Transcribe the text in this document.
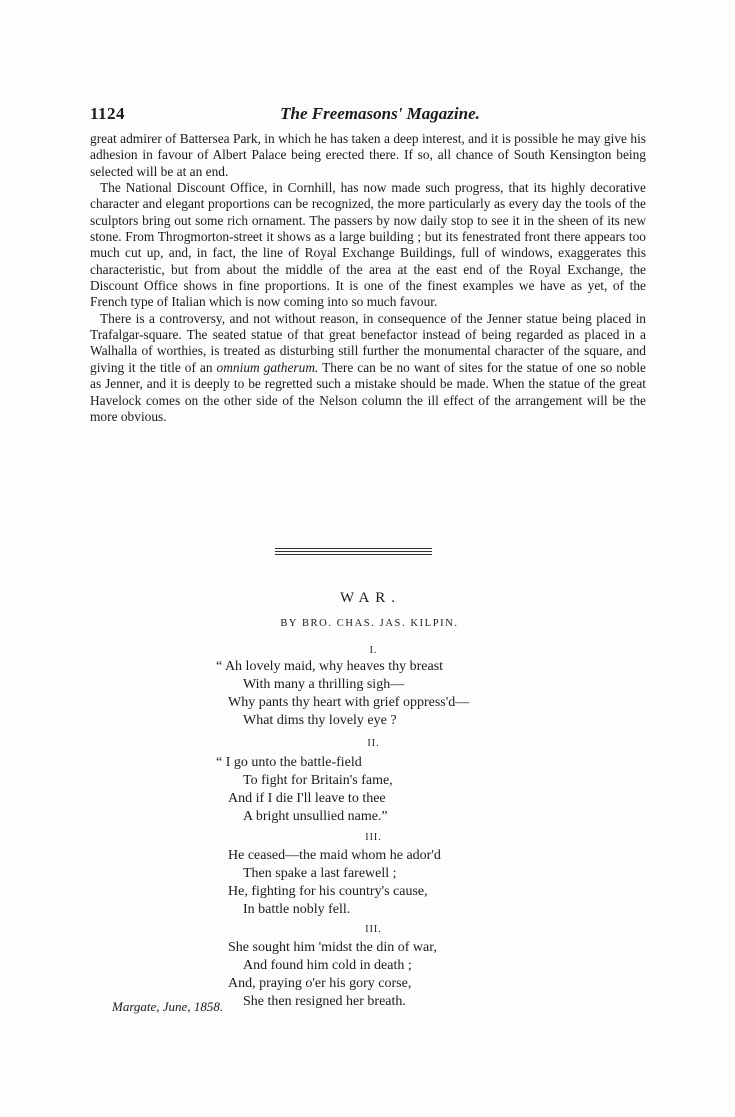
1124	The Freemasons' Magazine.

great admirer of Battersea Park, in which he has taken a deep interest, and it is possible he may give his adhesion in favour of Albert Palace being erected there. If so, all chance of South Kensington being selected will be at an end.

The National Discount Office, in Cornhill, has now made such progress, that its highly decorative character and elegant proportions can be recognized, the more particularly as every day the tools of the sculptors bring out some rich ornament. The passers by now daily stop to see it in the sheen of its new stone. From Throgmorton-street it shows as a large building ; but its fenestrated front there appears too much cut up, and, in fact, the line of Royal Exchange Buildings, full of windows, exaggerates this characteristic, but from about the middle of the area at the east end of the Royal Exchange, the Discount Office shows in fine proportions. It is one of the finest examples we have as yet, of the French type of Italian which is now coming into so much favour.

There is a controversy, and not without reason, in consequence of the Jenner statue being placed in Trafalgar-square. The seated statue of that great benefactor instead of being regarded as placed in a Walhalla of worthies, is treated as disturbing still further the monumental character of the square, and giving it the title of an omnium gatherum. There can be no want of sites for the statue of one so noble as Jenner, and it is deeply to be regretted such a mistake should be made. When the statue of the great Havelock comes on the other side of the Nelson column the ill effect of the arrangement will be the more obvious.

WAR.
BY BRO. CHAS. JAS. KILPIN.
I.
“ Ah lovely maid, why heaves thy breast
With many a thrilling sigh—
Why pants thy heart with grief oppress'd—
What dims thy lovely eye ?
II.
“ I go unto the battle-field
To fight for Britain's fame,
And if I die I'll leave to thee
A bright unsullied name.”
III.
He ceased—the maid whom he ador'd
Then spake a last farewell ;
He, fighting for his country's cause,
In battle nobly fell.
III.
She sought him 'midst the din of war,
And found him cold in death ;
And, praying o'er his gory corse,
She then resigned her breath.
Margate, June, 1858.
